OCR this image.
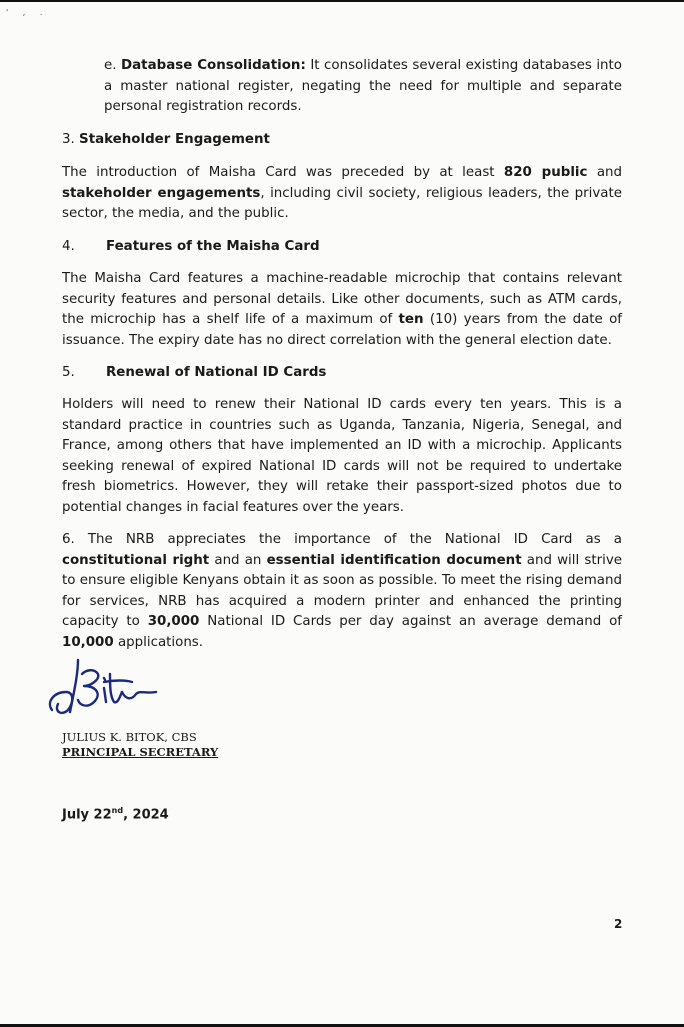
' , .
e. Database Consolidation: It consolidates several existing databases into a master national register, negating the need for multiple and separate personal registration records.
3. Stakeholder Engagement
The introduction of Maisha Card was preceded by at least 820 public and stakeholder engagements, including civil society, religious leaders, the private sector, the media, and the public.
4. Features of the Maisha Card
The Maisha Card features a machine-readable microchip that contains relevant security features and personal details. Like other documents, such as ATM cards, the microchip has a shelf life of a maximum of ten (10) years from the date of issuance. The expiry date has no direct correlation with the general election date.
5. Renewal of National ID Cards
Holders will need to renew their National ID cards every ten years. This is a standard practice in countries such as Uganda, Tanzania, Nigeria, Senegal, and France, among others that have implemented an ID with a microchip. Applicants seeking renewal of expired National ID cards will not be required to undertake fresh biometrics. However, they will retake their passport-sized photos due to potential changes in facial features over the years.
6. The NRB appreciates the importance of the National ID Card as a constitutional right and an essential identification document and will strive to ensure eligible Kenyans obtain it as soon as possible. To meet the rising demand for services, NRB has acquired a modern printer and enhanced the printing capacity to 30,000 National ID Cards per day against an average demand of 10,000 applications.
JULIUS K. BITOK, CBS
PRINCIPAL SECRETARY
July 22nd, 2024
2
